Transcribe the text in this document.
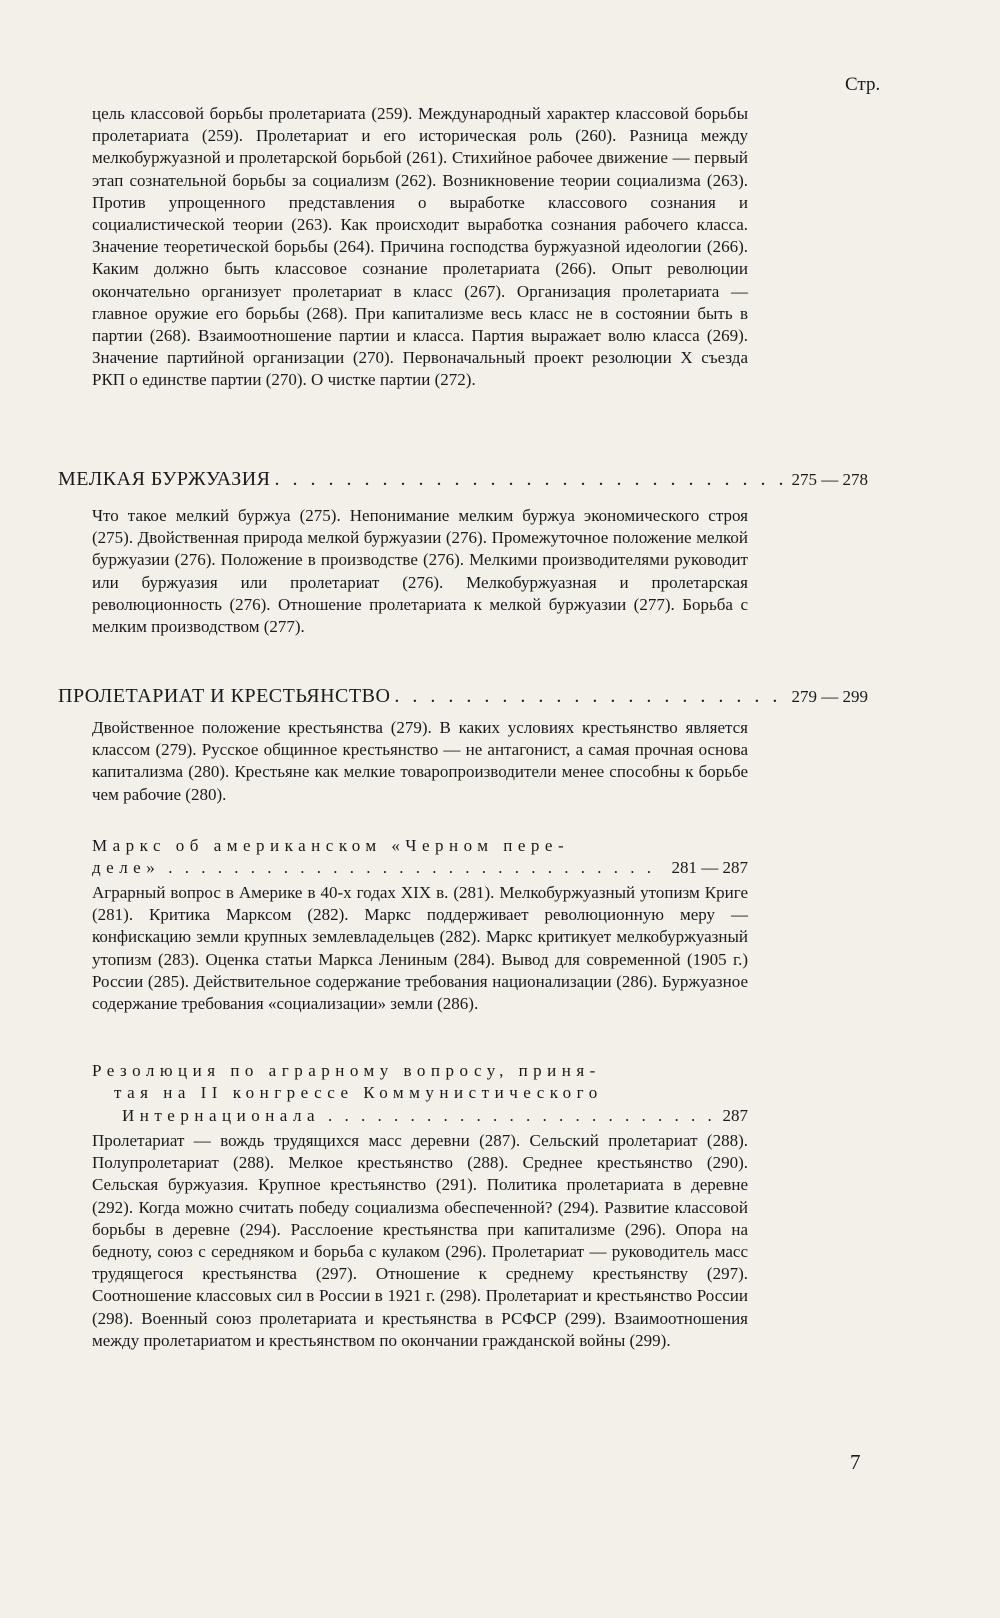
Стр.

цель классовой борьбы пролетариата (259). Международный характер классовой борьбы пролетариата (259). Пролетариат и его историческая роль (260). Разница между мелкобуржуазной и пролетарской борьбой (261). Стихийное рабочее движение — первый этап сознательной борьбы за социализм (262). Возникновение теории социализма (263). Против упрощенного представления о выработке классового сознания и социалистической теории (263). Как происходит выработка сознания рабочего класса. Значение теоретической борьбы (264). Причина господства буржуазной идеологии (266). Каким должно быть классовое сознание пролетариата (266). Опыт революции окончательно организует пролетариат в класс (267). Организация пролетариата — главное оружие его борьбы (268). При капитализме весь класс не в состоянии быть в партии (268). Взаимоотношение партии и класса. Партия выражает волю класса (269). Значение партийной организации (270). Первоначальный проект резолюции X съезда РКП о единстве партии (270). О чистке партии (272).

МЕЛКАЯ БУРЖУАЗИЯ . . .	275 — 278

Что такое мелкий буржуа (275). Непонимание мелким буржуа экономического строя (275). Двойственная природа мелкой буржуазии (276). Промежуточное положение мелкой буржуазии (276). Положение в производстве (276). Мелкими производителями руководит или буржуазия или пролетариат (276). Мелкобуржуазная и пролетарская революционность (276). Отношение пролетариата к мелкой буржуазии (277). Борьба с мелким производством (277).

ПРОЛЕТАРИАТ И КРЕСТЬЯНСТВО . . .	279 — 299

Двойственное положение крестьянства (279). В каких условиях крестьянство является классом (279). Русское общинное крестьянство — не антагонист, а самая прочная основа капитализма (280). Крестьяне как мелкие товаропроизводители менее способны к борьбе чем рабочие (280).

Маркс об американском «Черном пере-
деле» . . .	281 — 287

Аграрный вопрос в Америке в 40-х годах XIX в. (281). Мелкобуржуазный утопизм Криге (281). Критика Марксом (282). Маркс поддерживает революционную меру — конфискацию земли крупных землевладельцев (282). Маркс критикует мелкобуржуазный утопизм (283). Оценка статьи Маркса Лениным (284). Вывод для современной (1905 г.) России (285). Действительное содержание требования национализации (286). Буржуазное содержание требования «социализации» земли (286).

Резолюция по аграрному вопросу, приня-
тая на II конгрессе Коммунистического
Интернационала . . .	287

Пролетариат — вождь трудящихся масс деревни (287). Сельский пролетариат (288). Полупролетариат (288). Мелкое крестьянство (288). Среднее крестьянство (290). Сельская буржуазия. Крупное крестьянство (291). Политика пролетариата в деревне (292). Когда можно считать победу социализма обеспеченной? (294). Развитие классовой борьбы в деревне (294). Расслоение крестьянства при капитализме (296). Опора на бедноту, союз с середняком и борьба с кулаком (296). Пролетариат — руководитель масс трудящегося крестьянства (297). Отношение к среднему крестьянству (297). Соотношение классовых сил в России в 1921 г. (298). Пролетариат и крестьянство России (298). Военный союз пролетариата и крестьянства в РСФСР (299). Взаимоотношения между пролетариатом и крестьянством по окончании гражданской войны (299).

7
